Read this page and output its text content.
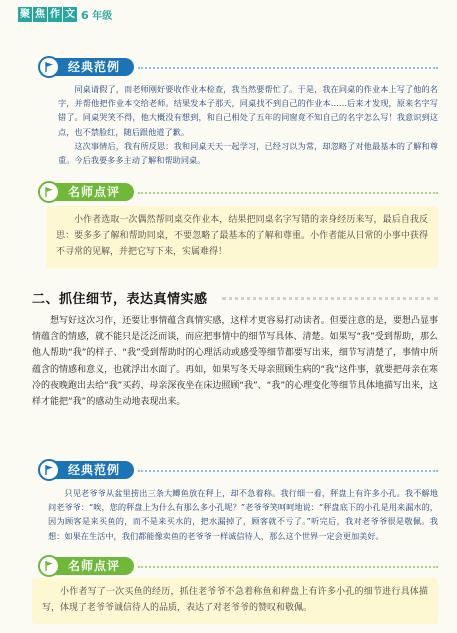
聚 焦 作 文 6 年级
经典范例

同桌请假了，而老师刚好要收作业本检查，我当然要帮忙了。于是，我在同桌的作业本上写了他的名字，并帮他把作业本交给老师。结果发本子那天，同桌找不到自己的作业本……后来才发现，原来名字写错了。同桌哭笑不得，他大概没有想到，和自己相处了五年的同窗竟不知自己的名字怎么写！我意识到这点，也不禁脸红，随后跟他道了歉。

这次事情后，我有所反思：我和同桌天天一起学习，已经习以为常，却忽略了对他最基本的了解和尊重。今后我要多多主动了解和帮助同桌。

名师点评

小作者选取一次偶然帮同桌交作业本，结果把同桌名字写错的亲身经历来写，最后自我反思：要多多了解和帮助同桌，不要忽略了最基本的了解和尊重。小作者能从日常的小事中获得不寻常的见解，并把它写下来，实属难得！

二、抓住细节，表达真情实感

想写好这次习作，还要让事情蕴含真情实感，这样才更容易打动读者。但要注意的是，要想凸显事情蕴含的情感，就不能只是泛泛而谈，而应把事情中的细节写具体、清楚。如果写“我”受到帮助，那么他人帮助“我”的样子、“我”受到帮助时的心理活动或感受等细节都要写出来，细节写清楚了，事情中所蕴含的情感和意义，也就浮出水面了。再如，如果写冬天母亲照顾生病的“我”这件事，就要把母亲在寒冷的夜晚跑出去给“我”买药、母亲深夜坐在床边照顾“我”、“我”的心理变化等细节具体地描写出来，这样才能把“我”的感动生动地表现出来。

经典范例

只见老爷爷从盆里捞出三条大鲫鱼放在秤上，却不急着称。我行细一看，秤盘上有许多小孔。我不解地问老爷爷：“唉，您的秤盘上为什么有那么多小孔呢？”老爷爷笑呵呵地说：“秤盘底下的小孔是用来漏水的，因为顾客是来买鱼的，而不是来买水的，把水漏掉了，顾客就不亏了。”听完后，我对老爷爷很是敬佩。我想：如果在生活中，我们都能像卖鱼的老爷爷一样诚信待人，那么这个世界一定会更加美好。

名师点评

小作者写了一次买鱼的经历，抓住老爷爷不急着称鱼和秤盘上有许多小孔的细节进行具体描写，体现了老爷爷诚信待人的品质，表达了对老爷爷的赞叹和敬佩。
